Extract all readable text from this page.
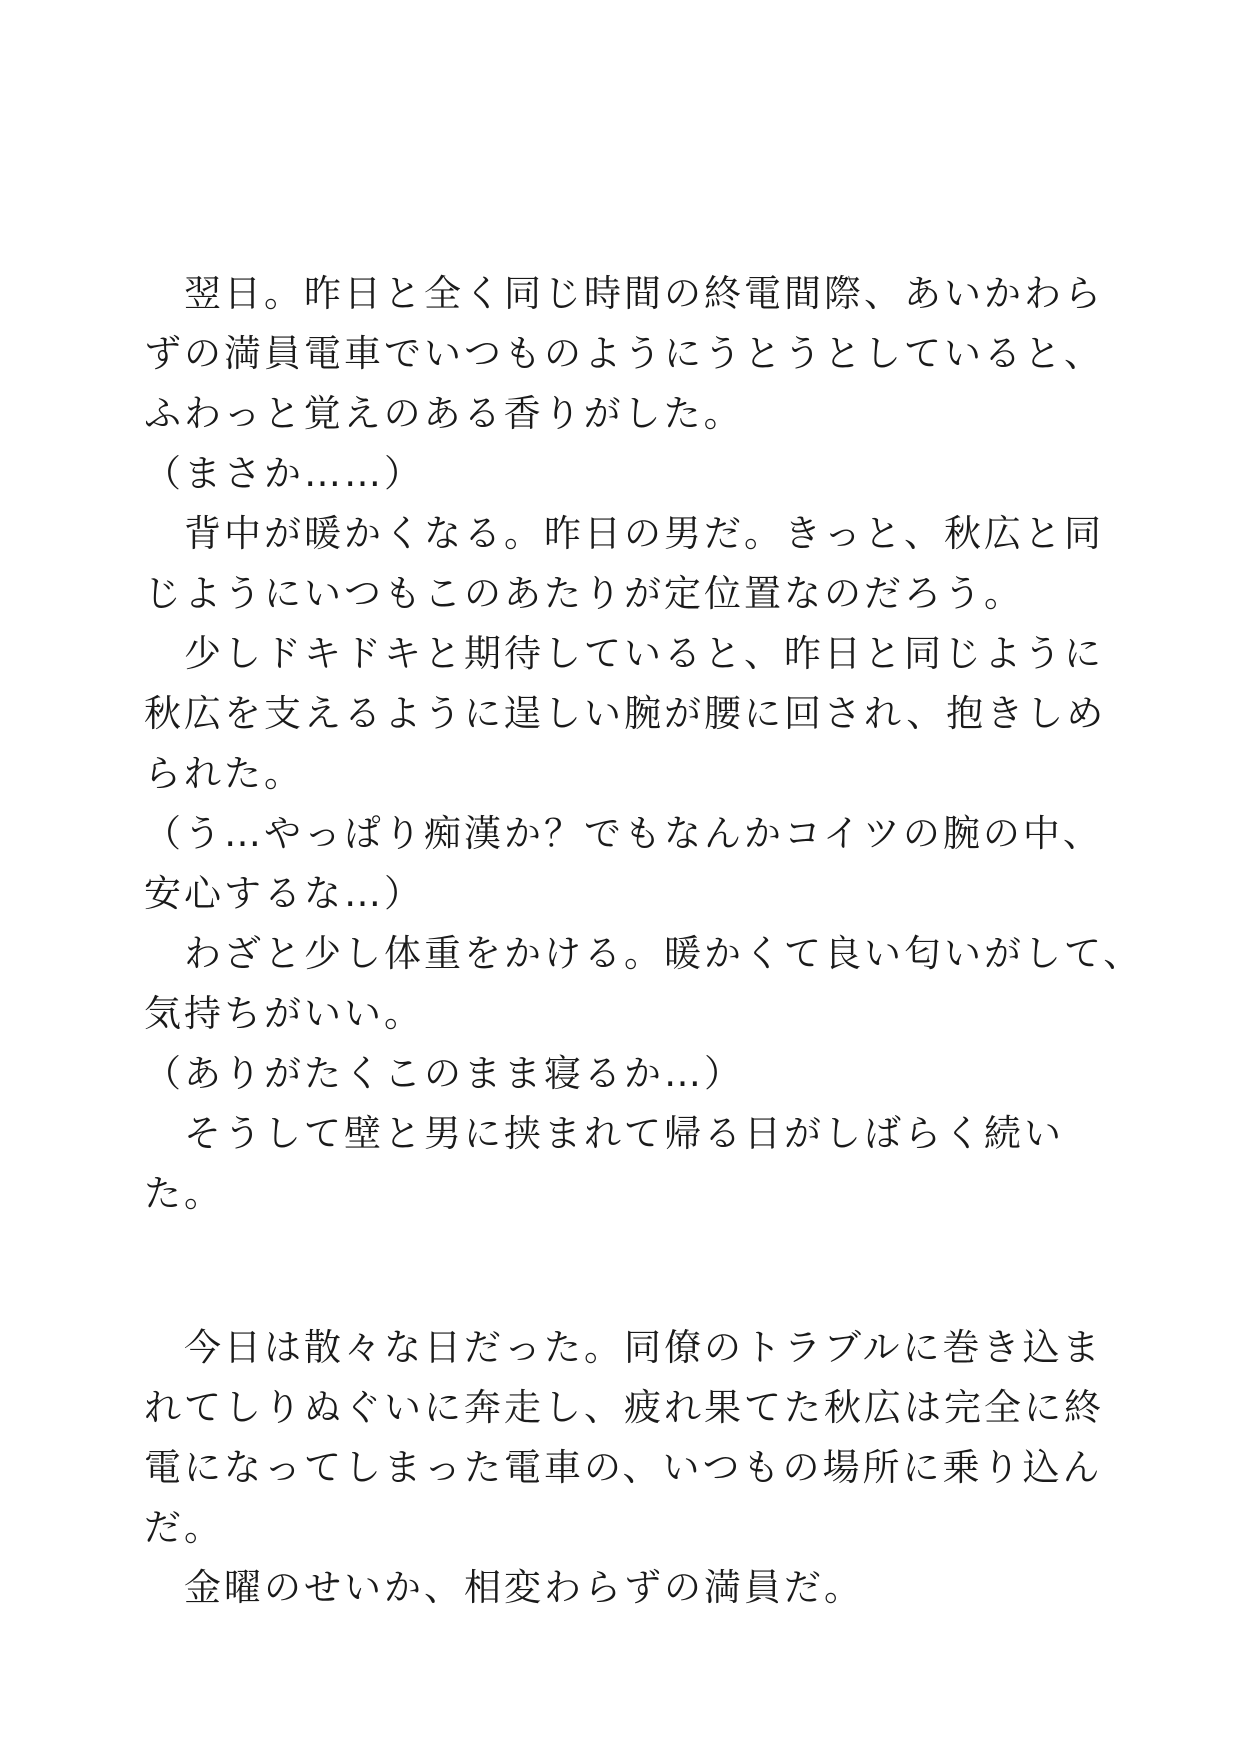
　翌日。昨日と全く同じ時間の終電間際、あいかわら
ずの満員電車でいつものようにうとうとしていると、
ふわっと覚えのある香りがした。
（まさか……）
　背中が暖かくなる。昨日の男だ。きっと、秋広と同
じようにいつもこのあたりが定位置なのだろう。
　少しドキドキと期待していると、昨日と同じように
秋広を支えるように逞しい腕が腰に回され、抱きしめ
られた。
（う…やっぱり痴漢か？でもなんかコイツの腕の中、
安心するな…）
　わざと少し体重をかける。暖かくて良い匂いがして、
気持ちがいい。
（ありがたくこのまま寝るか…）
　そうして壁と男に挟まれて帰る日がしばらく続い
た。
　今日は散々な日だった。同僚のトラブルに巻き込ま
れてしりぬぐいに奔走し、疲れ果てた秋広は完全に終
電になってしまった電車の、いつもの場所に乗り込ん
だ。
　金曜のせいか、相変わらずの満員だ。
